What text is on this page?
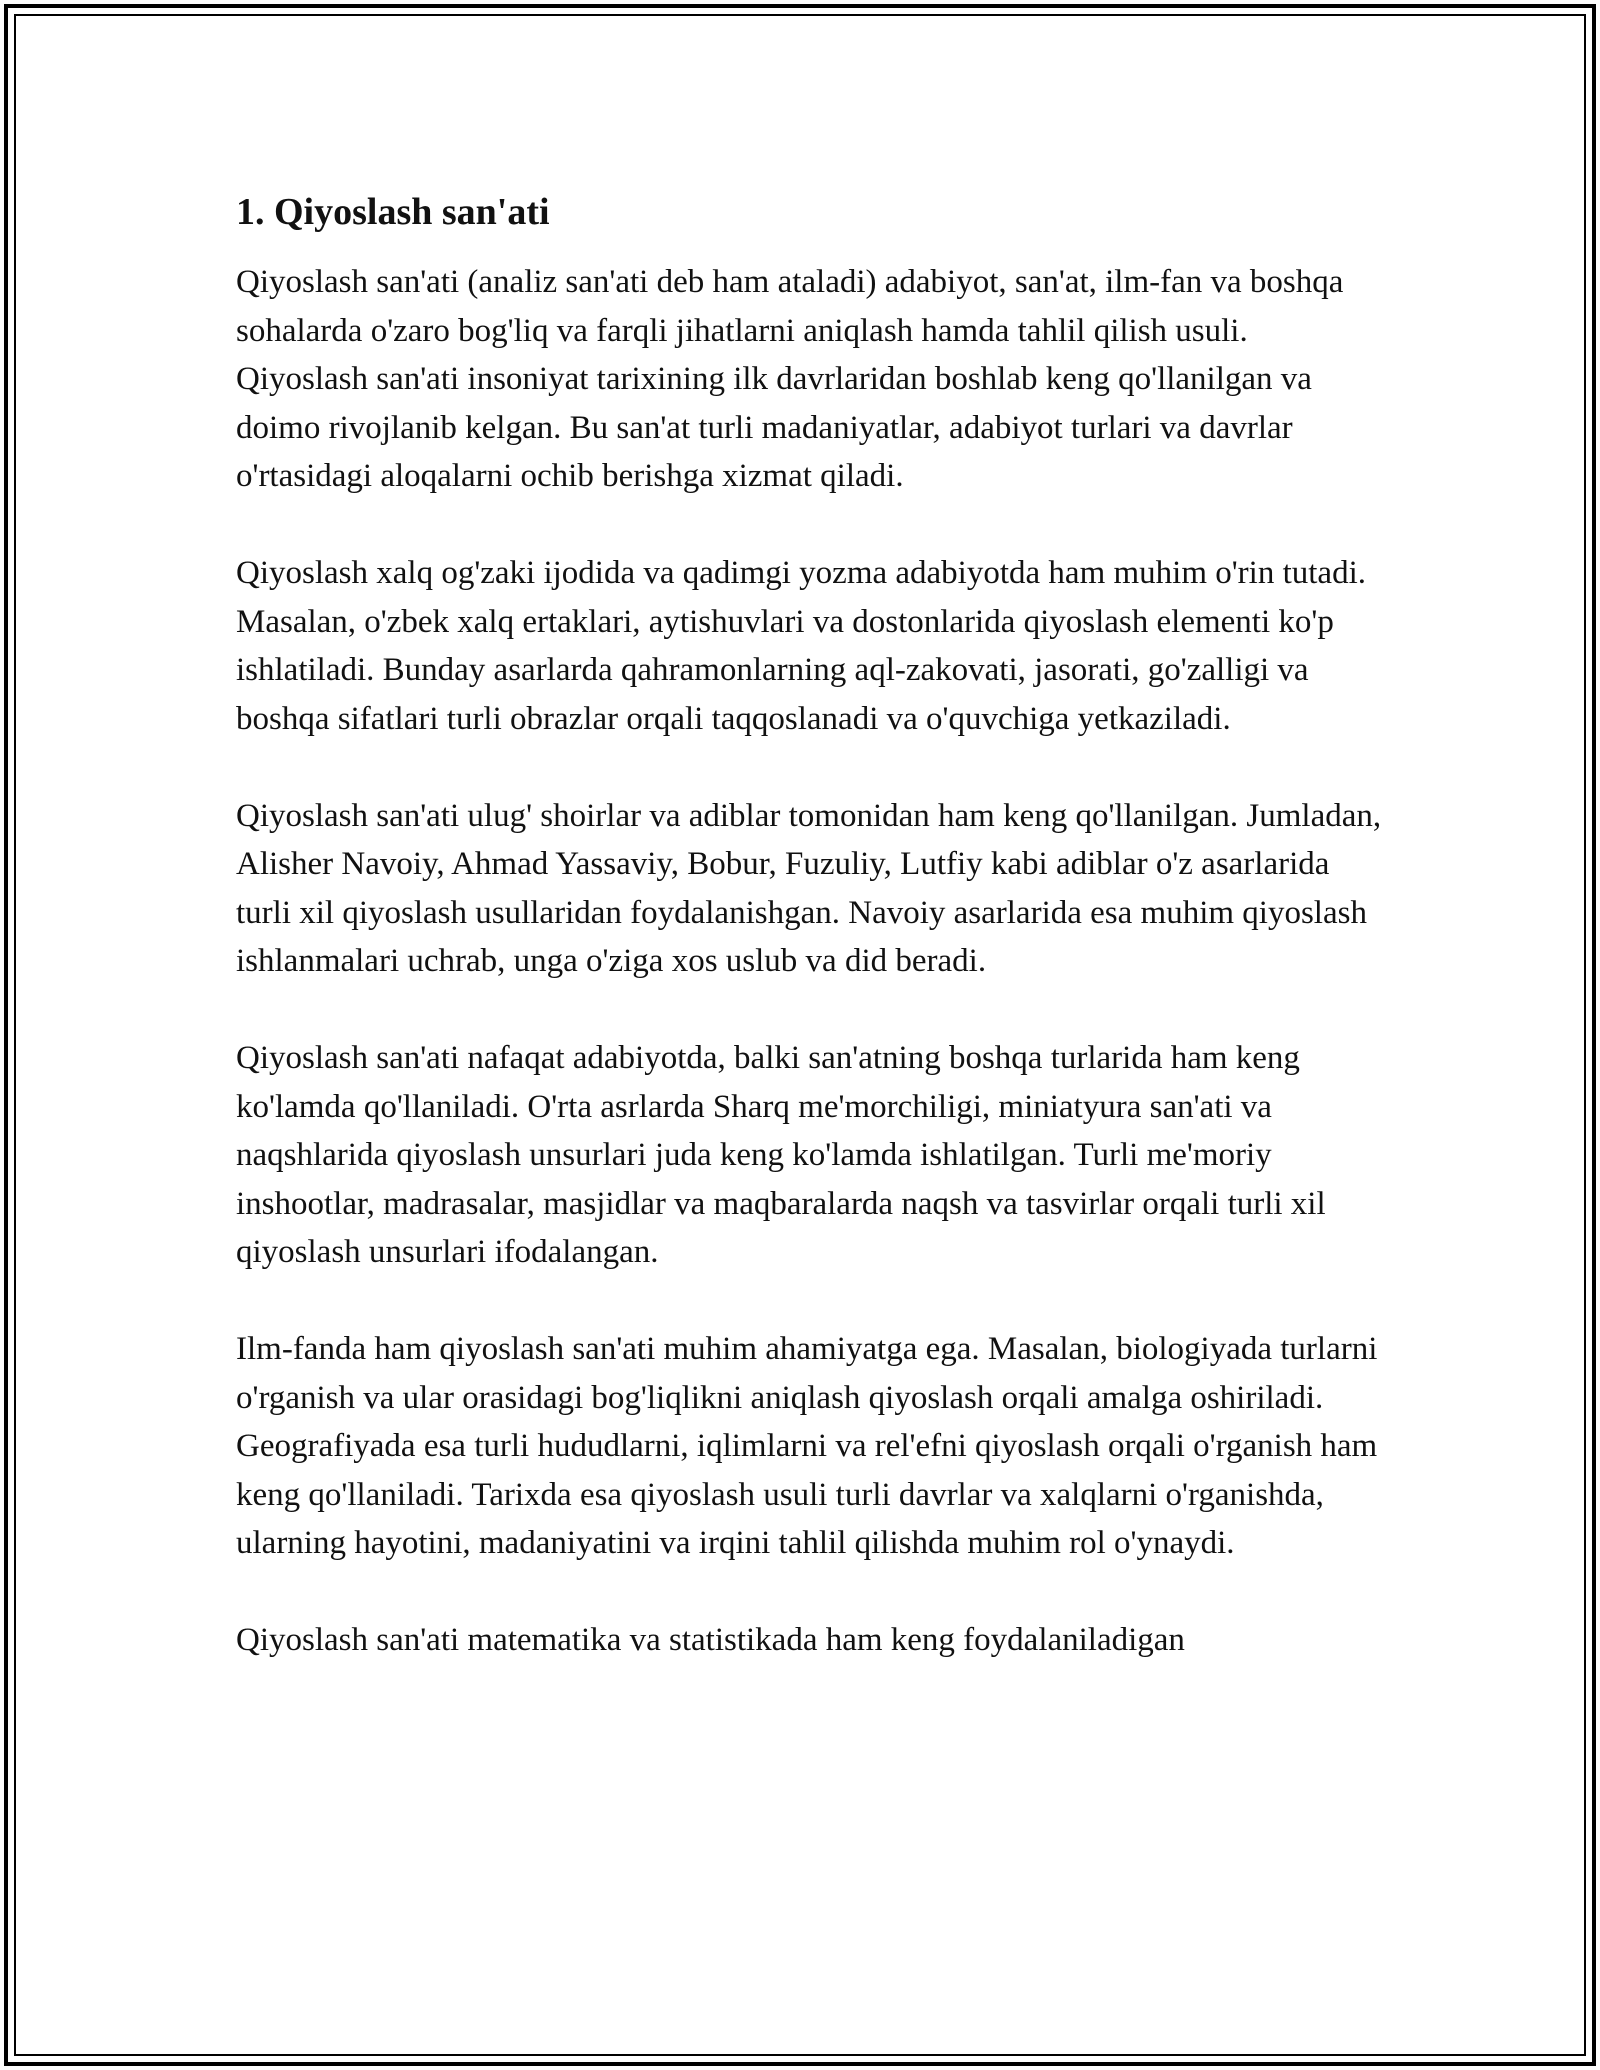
1. Qiyoslash san'ati

Qiyoslash san'ati (analiz san'ati deb ham ataladi) adabiyot, san'at, ilm-fan va boshqa sohalarda o'zaro bog'liq va farqli jihatlarni aniqlash hamda tahlil qilish usuli. Qiyoslash san'ati insoniyat tarixining ilk davrlaridan boshlab keng qo'llanilgan va doimo rivojlanib kelgan. Bu san'at turli madaniyatlar, adabiyot turlari va davrlar o'rtasidagi aloqalarni ochib berishga xizmat qiladi.

Qiyoslash xalq og'zaki ijodida va qadimgi yozma adabiyotda ham muhim o'rin tutadi. Masalan, o'zbek xalq ertaklari, aytishuvlari va dostonlarida qiyoslash elementi ko'p ishlatiladi. Bunday asarlarda qahramonlarning aql-zakovati, jasorati, go'zalligi va boshqa sifatlari turli obrazlar orqali taqqoslanadi va o'quvchiga yetkaziladi.

Qiyoslash san'ati ulug' shoirlar va adiblar tomonidan ham keng qo'llanilgan. Jumladan, Alisher Navoiy, Ahmad Yassaviy, Bobur, Fuzuliy, Lutfiy kabi adiblar o'z asarlarida turli xil qiyoslash usullaridan foydalanishgan. Navoiy asarlarida esa muhim qiyoslash ishlanmalari uchrab, unga o'ziga xos uslub va did beradi.

Qiyoslash san'ati nafaqat adabiyotda, balki san'atning boshqa turlarida ham keng ko'lamda qo'llaniladi. O'rta asrlarda Sharq me'morchiligi, miniatyura san'ati va naqshlarida qiyoslash unsurlari juda keng ko'lamda ishlatilgan. Turli me'moriy inshootlar, madrasalar, masjidlar va maqbaralarda naqsh va tasvirlar orqali turli xil qiyoslash unsurlari ifodalangan.

Ilm-fanda ham qiyoslash san'ati muhim ahamiyatga ega. Masalan, biologiyada turlarni o'rganish va ular orasidagi bog'liqlikni aniqlash qiyoslash orqali amalga oshiriladi. Geografiyada esa turli hududlarni, iqlimlarni va rel'efni qiyoslash orqali o'rganish ham keng qo'llaniladi. Tarixda esa qiyoslash usuli turli davrlar va xalqlarni o'rganishda, ularning hayotini, madaniyatini va irqini tahlil qilishda muhim rol o'ynaydi.

Qiyoslash san'ati matematika va statistikada ham keng foydalaniladigan
